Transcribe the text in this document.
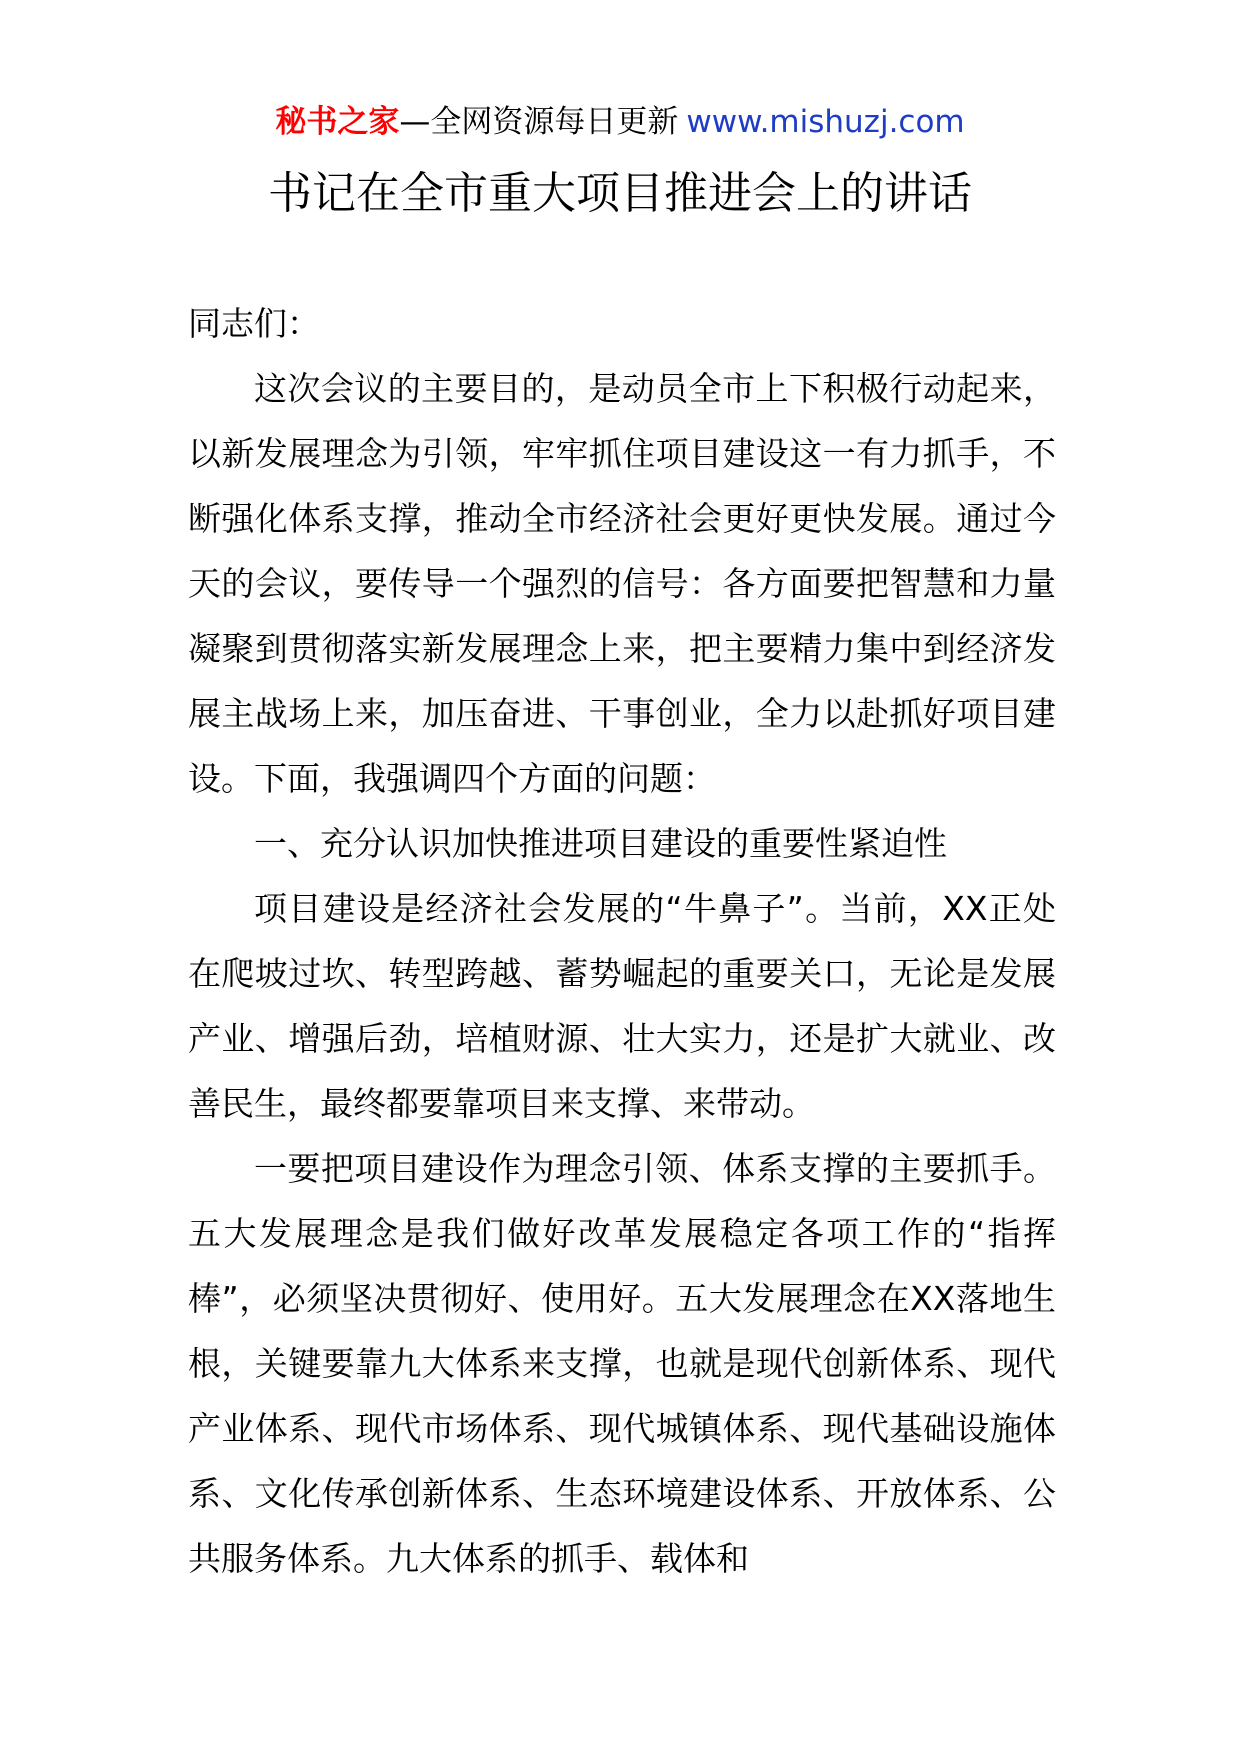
秘书之家—全网资源每日更新 www.mishuzj.com
书记在全市重大项目推进会上的讲话

同志们：

这次会议的主要目的，是动员全市上下积极行动起来，以新发展理念为引领，牢牢抓住项目建设这一有力抓手，不断强化体系支撑，推动全市经济社会更好更快发展。通过今天的会议，要传导一个强烈的信号：各方面要把智慧和力量凝聚到贯彻落实新发展理念上来，把主要精力集中到经济发展主战场上来，加压奋进、干事创业，全力以赴抓好项目建设。下面，我强调四个方面的问题：

一、充分认识加快推进项目建设的重要性紧迫性

项目建设是经济社会发展的“牛鼻子”。当前，XX正处在爬坡过坎、转型跨越、蓄势崛起的重要关口，无论是发展产业、增强后劲，培植财源、壮大实力，还是扩大就业、改善民生，最终都要靠项目来支撑、来带动。

一要把项目建设作为理念引领、体系支撑的主要抓手。五大发展理念是我们做好改革发展稳定各项工作的“指挥棒”，必须坚决贯彻好、使用好。五大发展理念在XX落地生根，关键要靠九大体系来支撑，也就是现代创新体系、现代产业体系、现代市场体系、现代城镇体系、现代基础设施体系、文化传承创新体系、生态环境建设体系、开放体系、公共服务体系。九大体系的抓手、载体和
